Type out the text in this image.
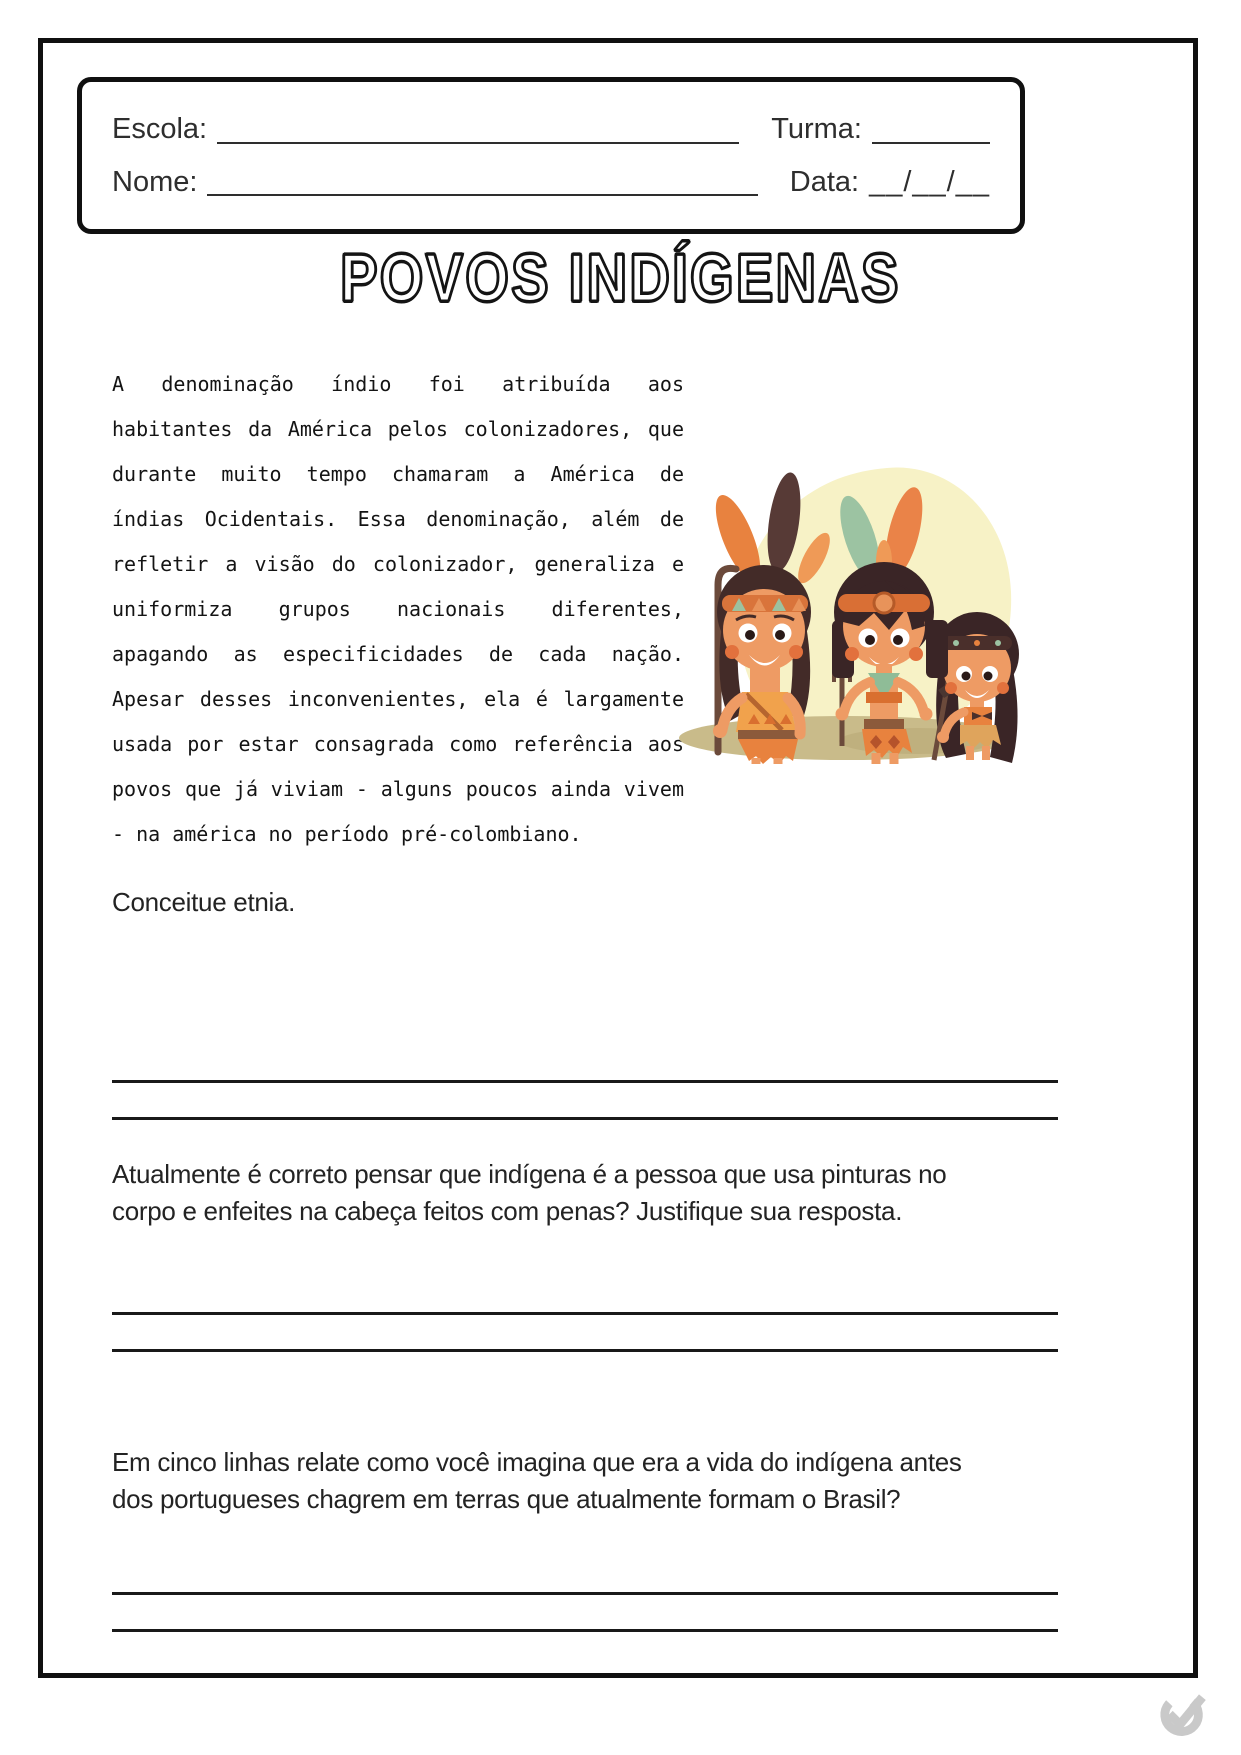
Escola:	Turma:
Nome:	Data: __/__/__
POVOS INDÍGENAS

A denominação índio foi atribuída aos habitantes da América pelos colonizadores, que durante muito tempo chamaram a América de índias Ocidentais. Essa denominação, além de refletir a visão do colonizador, generaliza e uniformiza grupos nacionais diferentes, apagando as especificidades de cada nação. Apesar desses inconvenientes, ela é largamente usada por estar consagrada como referência aos povos que já viviam - alguns poucos ainda vivem - na américa no período pré-colombiano.

Conceitue etnia.

Atualmente é correto pensar que indígena é a pessoa que usa pinturas no corpo e enfeites na cabeça feitos com penas? Justifique sua resposta.

Em cinco linhas relate como você imagina que era a vida do indígena antes dos portugueses chagrem em terras que atualmente formam o Brasil?
